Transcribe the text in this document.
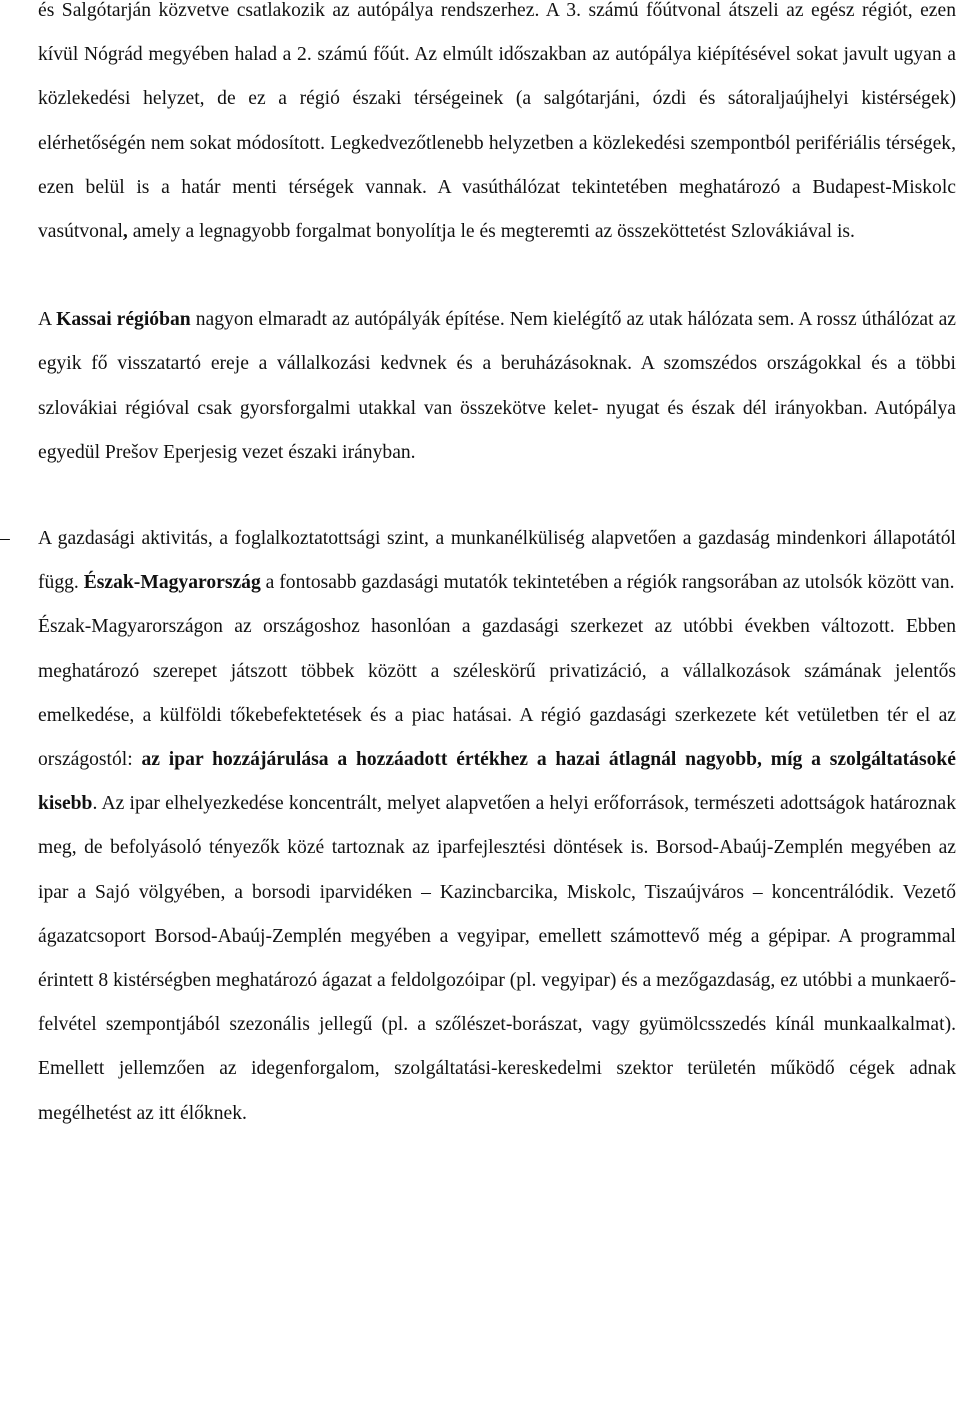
és Salgótarján közvetve csatlakozik az autópálya rendszerhez. A 3. számú főútvonal átszeli az egész régiót, ezen kívül Nógrád megyében halad a 2. számú főút. Az elmúlt időszakban az autópálya kiépítésével sokat javult ugyan a közlekedési helyzet, de ez a régió északi térségeinek (a salgótarjáni, ózdi és sátoraljaújhelyi kistérségek) elérhetőségén nem sokat módosított. Legkedvezőtlenebb helyzetben a közlekedési szempontból perifériális térségek, ezen belül is a határ menti térségek vannak. A vasúthálózat tekintetében meghatározó a Budapest-Miskolc vasútvonal, amely a legnagyobb forgalmat bonyolítja le és megteremti az összeköttetést Szlovákiával is.

A Kassai régióban nagyon elmaradt az autópályák építése. Nem kielégítő az utak hálózata sem. A rossz úthálózat az egyik fő visszatartó ereje a vállalkozási kedvnek és a beruházásoknak. A szomszédos országokkal és a többi szlovákiai régióval csak gyorsforgalmi utakkal van összekötve kelet- nyugat és észak dél irányokban. Autópálya egyedül Prešov Eperjesig vezet északi irányban.

–	A gazdasági aktivitás, a foglalkoztatottsági szint, a munkanélküliség alapvetően a gazdaság mindenkori állapotától függ. Észak-Magyarország a fontosabb gazdasági mutatók tekintetében a régiók rangsorában az utolsók között van.

Észak-Magyarországon az országoshoz hasonlóan a gazdasági szerkezet az utóbbi években változott. Ebben meghatározó szerepet játszott többek között a széleskörű privatizáció, a vállalkozások számának jelentős emelkedése, a külföldi tőkebefektetések és a piac hatásai. A régió gazdasági szerkezete két vetületben tér el az országostól: az ipar hozzájárulása a hozzáadott értékhez a hazai átlagnál nagyobb, míg a szolgáltatásoké kisebb. Az ipar elhelyezkedése koncentrált, melyet alapvetően a helyi erőforrások, természeti adottságok határoznak meg, de befolyásoló tényezők közé tartoznak az iparfejlesztési döntések is. Borsod-Abaúj-Zemplén megyében az ipar a Sajó völgyében, a borsodi iparvidéken – Kazincbarcika, Miskolc, Tiszaújváros – koncentrálódik. Vezető ágazatcsoport Borsod-Abaúj-Zemplén megyében a vegyipar, emellett számottevő még a gépipar. A programmal érintett 8 kistérségben meghatározó ágazat a feldolgozóipar (pl. vegyipar) és a mezőgazdaság, ez utóbbi a munkaerő-felvétel szempontjából szezonális jellegű (pl. a szőlészet-borászat, vagy gyümölcsszedés kínál munkaalkalmat). Emellett jellemzően az idegenforgalom, szolgáltatási-kereskedelmi szektor területén működő cégek adnak megélhetést az itt élőknek.
